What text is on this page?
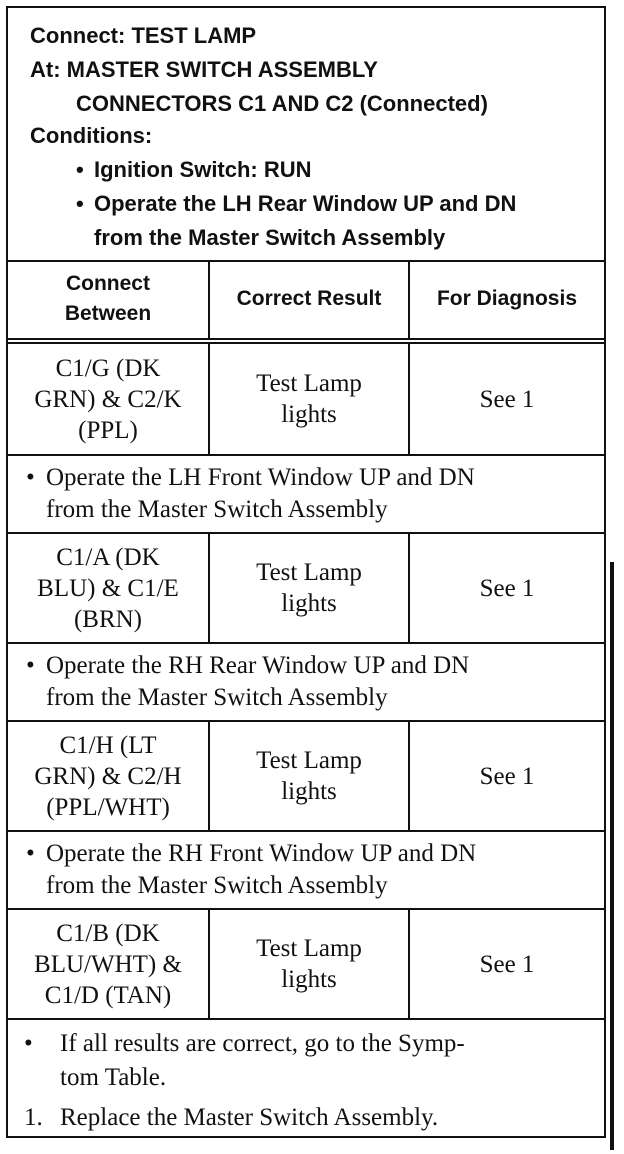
Connect: TEST LAMP
At: MASTER SWITCH ASSEMBLY
CONNECTORS C1 AND C2 (Connected)
Conditions:
• Ignition Switch: RUN
• Operate the LH Rear Window UP and DN
from the Master Switch Assembly
Connect
Between
Correct Result	For Diagnosis
C1/G (DK
GRN) & C2/K
(PPL)
Test Lamp
lights
See 1
• Operate the LH Front Window UP and DN
from the Master Switch Assembly
C1/A (DK
BLU) & C1/E
(BRN)
Test Lamp
lights
See 1
• Operate the RH Rear Window UP and DN
from the Master Switch Assembly
C1/H (LT
GRN) & C2/H
(PPL/WHT)
Test Lamp
lights
See 1
• Operate the RH Front Window UP and DN
from the Master Switch Assembly
C1/B (DK
BLU/WHT) &
C1/D (TAN)
Test Lamp
lights
See 1
• If all results are correct, go to the Symp-
tom Table.
1. Replace the Master Switch Assembly.
